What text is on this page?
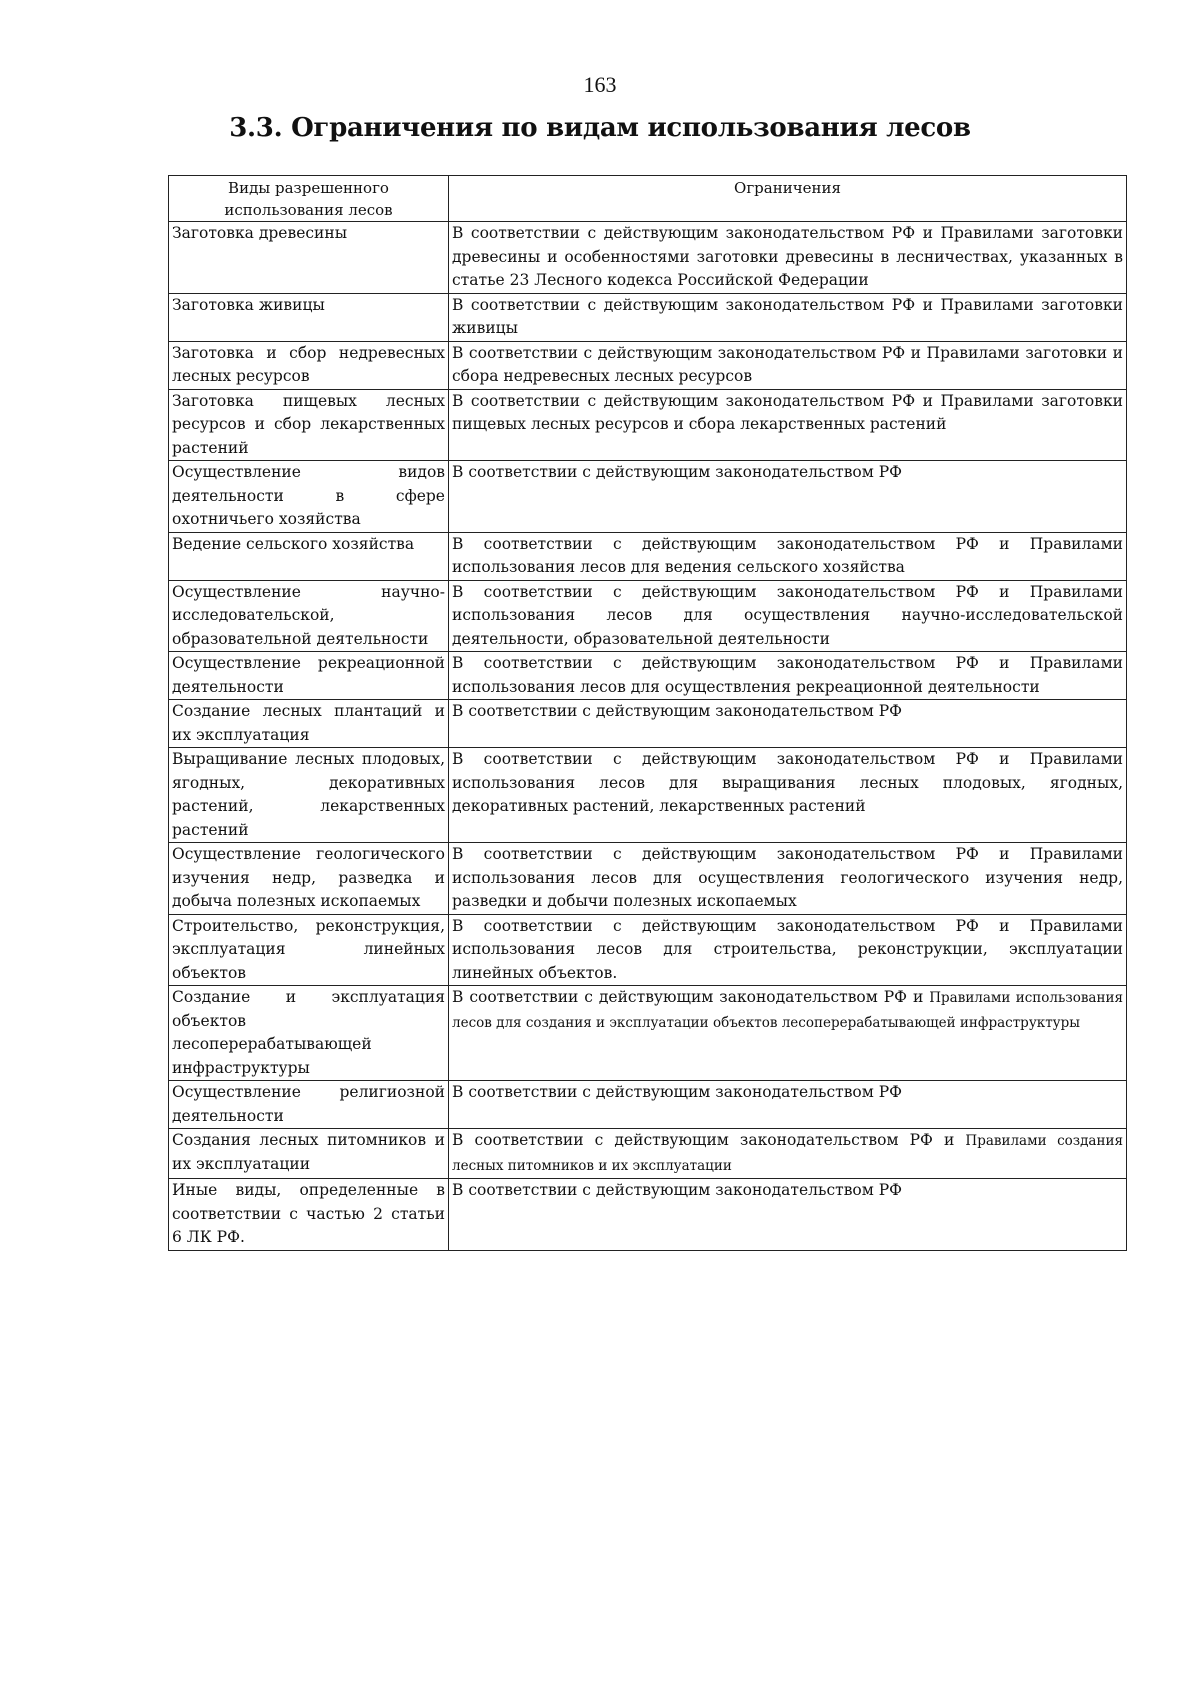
163
3.3. Ограничения по видам использования лесов
Виды разрешенного использования лесов	Ограничения
Заготовка древесины	В соответствии с действующим законодательством РФ и Правилами заготовки древесины и особенностями заготовки древесины в лесничествах, указанных в статье 23 Лесного кодекса Российской Федерации
Заготовка живицы	В соответствии с действующим законодательством РФ и Правилами заготовки живицы
Заготовка и сбор недревесных лесных ресурсов	В соответствии с действующим законодательством РФ и Правилами заготовки и сбора недревесных лесных ресурсов
Заготовка пищевых лесных ресурсов и сбор лекарственных растений	В соответствии с действующим законодательством РФ и Правилами заготовки пищевых лесных ресурсов и сбора лекарственных растений
Осуществление видов деятельности в сфере охотничьего хозяйства	В соответствии с действующим законодательством РФ
Ведение сельского хозяйства	В соответствии с действующим законодательством РФ и Правилами использования лесов для ведения сельского хозяйства
Осуществление научно-исследовательской, образовательной деятельности	В соответствии с действующим законодательством РФ и Правилами использования лесов для осуществления научно-исследовательской деятельности, образовательной деятельности
Осуществление рекреационной деятельности	В соответствии с действующим законодательством РФ и Правилами использования лесов для осуществления рекреационной деятельности
Создание лесных плантаций и их эксплуатация	В соответствии с действующим законодательством РФ
Выращивание лесных плодовых, ягодных, декоративных растений, лекарственных растений	В соответствии с действующим законодательством РФ и Правилами использования лесов для выращивания лесных плодовых, ягодных, декоративных растений, лекарственных растений
Осуществление геологического изучения недр, разведка и добыча полезных ископаемых	В соответствии с действующим законодательством РФ и Правилами использования лесов для осуществления геологического изучения недр, разведки и добычи полезных ископаемых
Строительство, реконструкция, эксплуатация линейных объектов	В соответствии с действующим законодательством РФ и Правилами использования лесов для строительства, реконструкции, эксплуатации линейных объектов.
Создание и эксплуатация объектов лесоперерабатывающей инфраструктуры	В соответствии с действующим законодательством РФ и Правилами использования лесов для создания и эксплуатации объектов лесоперерабатывающей инфраструктуры
Осуществление религиозной деятельности	В соответствии с действующим законодательством РФ
Создания лесных питомников и их эксплуатации	В соответствии с действующим законодательством РФ и Правилами создания лесных питомников и их эксплуатации
Иные виды, определенные в соответствии с частью 2 статьи 6 ЛК РФ.	В соответствии с действующим законодательством РФ
